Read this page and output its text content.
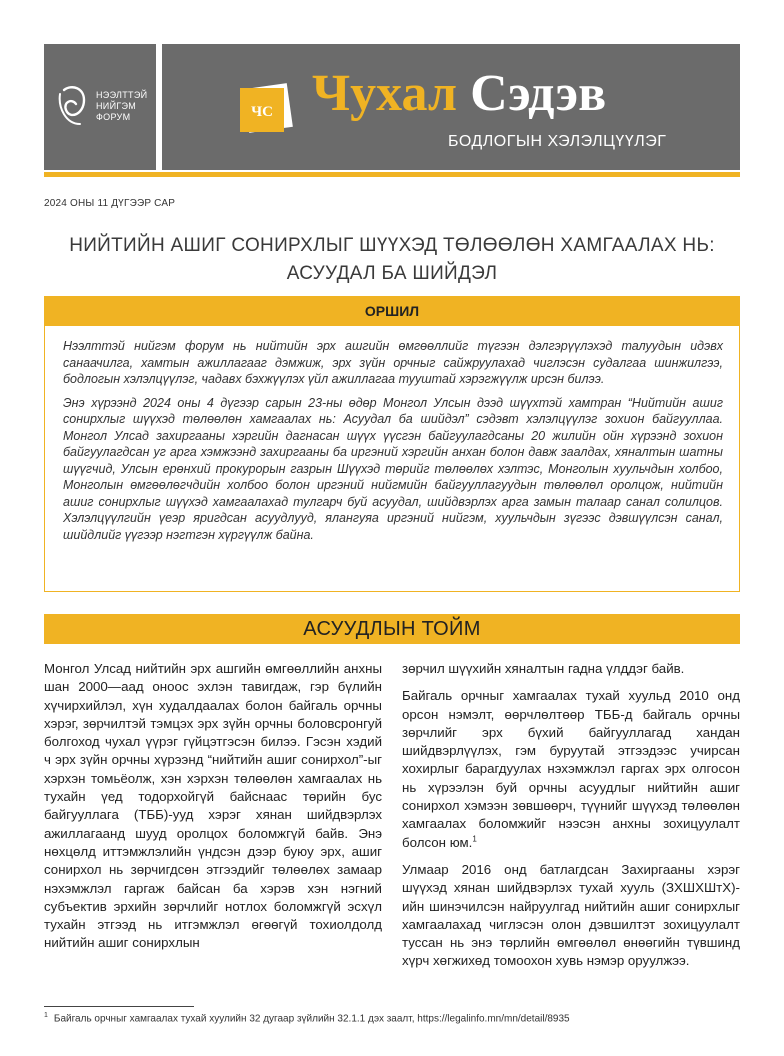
НЭЭЛТТЭЙ
НИЙГЭМ
ФОРУМ	ЧС Чухал Сэдэв
БОДЛОГЫН ХЭЛЭЛЦҮҮЛЭГ
2024 ОНЫ 11 ДҮГЭЭР САР
НИЙТИЙН АШИГ СОНИРХЛЫГ ШҮҮХЭД ТӨЛӨӨЛӨН ХАМГААЛАХ НЬ:
АСУУДАЛ БА ШИЙДЭЛ
ОРШИЛ

Нээлттэй нийгэм форум нь нийтийн эрх ашгийн өмгөөллийг түгээн дэлгэрүүлэхэд талуудын идэвх санаачилга, хамтын ажиллагааг дэмжиж, эрх зүйн орчныг сайжруулахад чиглэсэн судалгаа шинжилгээ, бодлогын хэлэлцүүлэг, чадавх бэхжүүлэх үйл ажиллагаа тууштай хэрэгжүүлж ирсэн билээ.

Энэ хүрээнд 2024 оны 4 дүгээр сарын 23-ны өдөр Монгол Улсын дээд шүүхтэй хамтран “Нийтийн ашиг сонирхлыг шүүхэд төлөөлөн хамгаалах нь: Асуудал ба шийдэл” сэдэвт хэлэлцүүлэг зохион байгууллаа. Монгол Улсад захиргааны хэргийн дагнасан шүүх үүсгэн байгуулагдсаны 20 жилийн ойн хүрээнд зохион байгуулагдсан уг арга хэмжээнд захиргааны ба иргэний хэргийн анхан болон давж заалдах, хяналтын шатны шүүгчид, Улсын ерөнхий прокурорын газрын Шүүхэд төрийг төлөөлөх хэлтэс, Монголын хуульчдын холбоо, Монголын өмгөөлөгчдийн холбоо болон иргэний нийгмийн байгууллагуудын төлөөлөл оролцож, нийтийн ашиг сонирхлыг шүүхэд хамгаалахад тулгарч буй асуудал, шийдвэрлэх арга замын талаар санал солилцов. Хэлэлцүүлгийн үеэр яригдсан асуудлууд, ялангуяа иргэний нийгэм, хуульчдын зүгээс дэвшүүлсэн санал, шийдлийг үүгээр нэгтгэн хүргүүлж байна.

АСУУДЛЫН ТОЙМ

Монгол Улсад нийтийн эрх ашгийн өмгөөллийн анхны шан 2000—аад оноос эхлэн тавигдаж, гэр бүлийн хүчирхийлэл, хүн худалдаалах болон байгаль орчны хэрэг, зөрчилтэй тэмцэх эрх зүйн орчны боловсронгуй болгоход чухал үүрэг гүйцэтгэсэн билээ. Гэсэн хэдий ч эрх зүйн орчны хүрээнд “нийтийн ашиг сонирхол”-ыг хэрхэн томьёолж, хэн хэрхэн төлөөлөн хамгаалах нь тухайн үед тодорхойгүй байснаас төрийн бус байгууллага (ТББ)-ууд хэрэг хянан шийдвэрлэх ажиллагаанд шууд оролцох боломжгүй байв. Энэ нөхцөлд иттэмжлэлийн үндсэн дээр буюу эрх, ашиг сонирхол нь зөрчигдсөн этгээдийг төлөөлөх замаар нэхэмжлэл гаргаж байсан ба хэрэв хэн нэгний субъектив эрхийн зөрчлийг нотлох боломжгүй эсхүл тухайн этгээд нь итгэмжлэл өгөөгүй тохиолдолд нийтийн ашиг сонирхлын

зөрчил шүүхийн хяналтын гадна үлддэг байв.

Байгаль орчныг хамгаалах тухай хуульд 2010 онд орсон нэмэлт, өөрчлөлтөөр ТББ-д байгаль орчны зөрчлийг эрх бүхий байгууллагад хандан шийдвэрлүүлэх, гэм буруутай этгээдээс учирсан хохирлыг барагдуулах нэхэмжлэл гаргах эрх олгосон нь хүрээлэн буй орчны асуудлыг нийтийн ашиг сонирхол хэмээн зөвшөөрч, түүнийг шүүхэд төлөөлөн хамгаалах боломжийг нээсэн анхны зохицуулалт болсон юм.$^1$

Улмаар 2016 онд батлагдсан Захиргааны хэрэг шүүхэд хянан шийдвэрлэх тухай хууль (ЗХШХШтХ)-ийн шинэчилсэн найруулгад нийтийн ашиг сонирхлыг хамгаалахад чиглэсэн олон дэвшилтэт зохицуулалт туссан нь энэ төрлийн өмгөөлөл өнөөгийн түвшинд хүрч хөгжихөд томоохон хувь нэмэр оруулжээ.

$^1$ Байгаль орчныг хамгаалах тухай хуулийн 32 дугаар зүйлийн 32.1.1 дэх заалт, https://legalinfo.mn/mn/detail/8935
